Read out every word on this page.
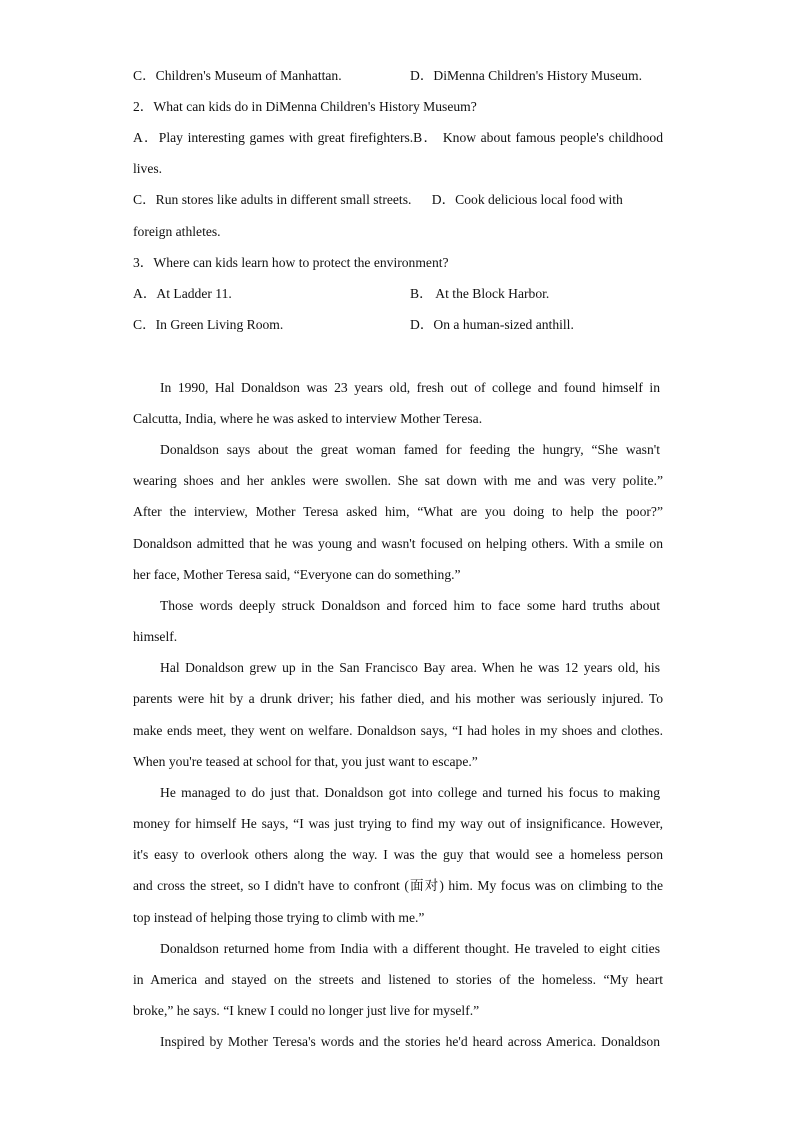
C．Children's Museum of Manhattan.	D．DiMenna Children's History Museum.
2．What can kids do in DiMenna Children's History Museum?
A．Play interesting games with great firefighters.B． Know about famous people's childhood
lives.
C．Run stores like adults in different small streets.      D．Cook delicious local food with
foreign athletes.
3．Where can kids learn how to protect the environment?
A．At Ladder 11.	B． At the Block Harbor.
C．In Green Living Room.	D．On a human-sized anthill.
In 1990, Hal Donaldson was 23 years old, fresh out of college and found himself in
Calcutta, India, where he was asked to interview Mother Teresa.
Donaldson says about the great woman famed for feeding the hungry, “She wasn't
wearing shoes and her ankles were swollen. She sat down with me and was very polite.”
After the interview, Mother Teresa asked him, “What are you doing to help the poor?”
Donaldson admitted that he was young and wasn't focused on helping others. With a smile on
her face, Mother Teresa said, “Everyone can do something.”
Those words deeply struck Donaldson and forced him to face some hard truths about
himself.
Hal Donaldson grew up in the San Francisco Bay area. When he was 12 years old, his
parents were hit by a drunk driver; his father died, and his mother was seriously injured. To
make ends meet, they went on welfare. Donaldson says, “I had holes in my shoes and clothes.
When you're teased at school for that, you just want to escape.”
He managed to do just that. Donaldson got into college and turned his focus to making
money for himself He says, “I was just trying to find my way out of insignificance. However,
it's easy to overlook others along the way. I was the guy that would see a homeless person
and cross the street, so I didn't have to confront (面对) him. My focus was on climbing to the
top instead of helping those trying to climb with me.”
Donaldson returned home from India with a different thought. He traveled to eight cities
in America and stayed on the streets and listened to stories of the homeless. “My heart
broke,” he says. “I knew I could no longer just live for myself.”
Inspired by Mother Teresa's words and the stories he'd heard across America. Donaldson
